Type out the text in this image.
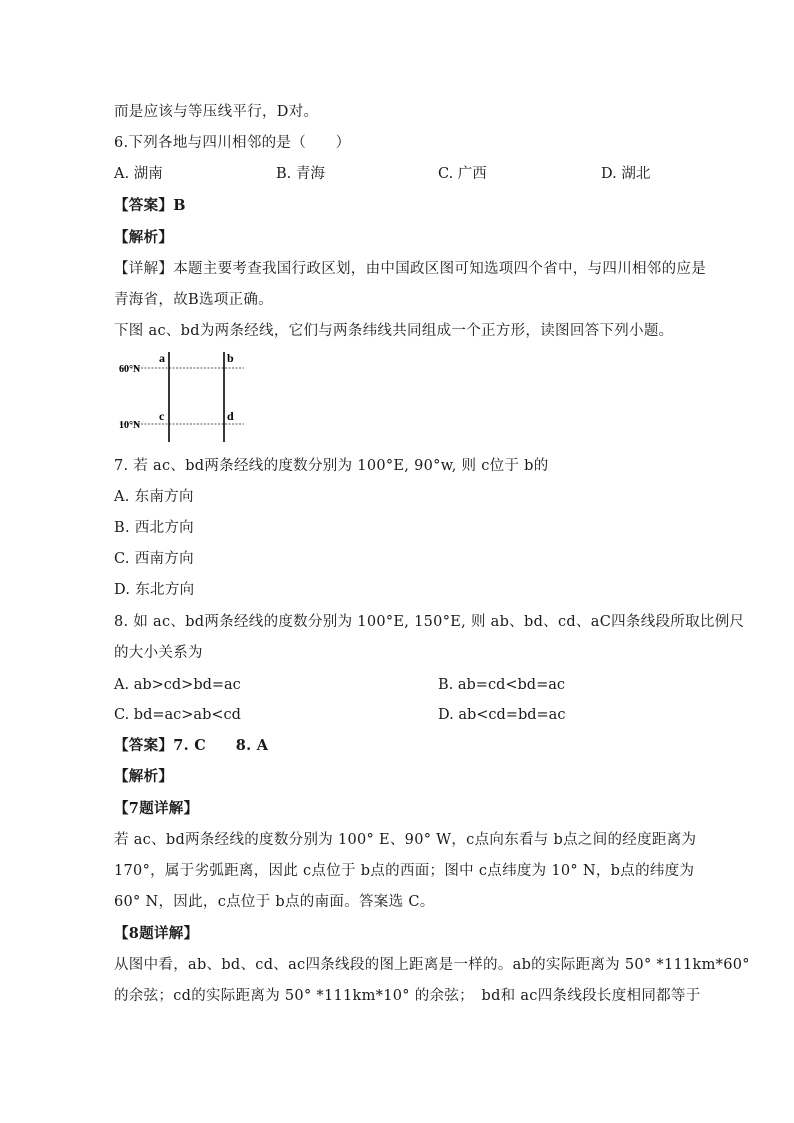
而是应该与等压线平行，D对。
6.下列各地与四川相邻的是（　　）
A. 湖南	B. 青海	C. 广西	D. 湖北
【答案】B
【解析】
【详解】本题主要考查我国行政区划，由中国政区图可知选项四个省中，与四川相邻的应是
青海省，故B选项正确。
下图 ac、bd为两条经线，它们与两条纬线共同组成一个正方形，读图回答下列小题。
60°N
10°N
a	b
c	d
7. 若 ac、bd两条经线的度数分别为 100°E, 90°w, 则 c位于 b的
A. 东南方向
B. 西北方向
C. 西南方向
D. 东北方向
8. 如 ac、bd两条经线的度数分别为 100°E, 150°E, 则 ab、bd、cd、aC四条线段所取比例尺
的大小关系为
A. ab>cd>bd=ac	B. ab=cd<bd=ac
C. bd=ac>ab<cd	D. ab<cd=bd=ac
【答案】7. C　　8. A
【解析】
【7题详解】
若 ac、bd两条经线的度数分别为 100° E、90° W，c点向东看与 b点之间的经度距离为
170°，属于劣弧距离，因此 c点位于 b点的西面；图中 c点纬度为 10° N，b点的纬度为
60° N，因此，c点位于 b点的南面。答案选 C。
【8题详解】
从图中看，ab、bd、cd、ac四条线段的图上距离是一样的。ab的实际距离为 50° *111km*60°
的余弦；cd的实际距离为 50° *111km*10° 的余弦；　bd和 ac四条线段长度相同都等于
